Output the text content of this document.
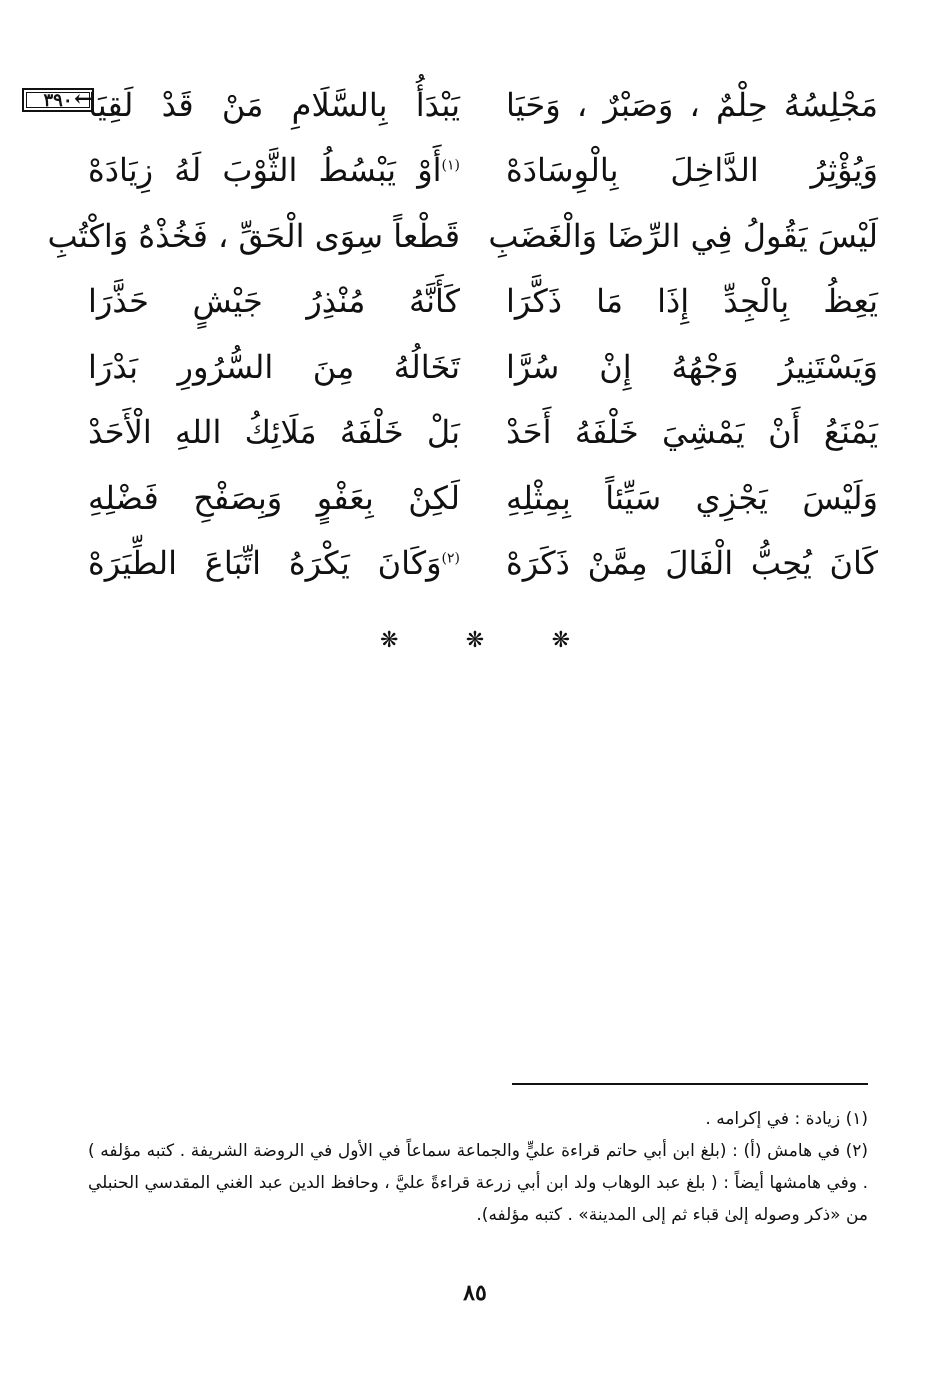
←
٣٩٠	مَجْلِسُهُ حِلْمٌ ، وَصَبْرٌ ، وَحَيَا
يَبْدَأُ بِالسَّلَامِ مَنْ قَدْ لَقِيَا
وَيُؤْثِرُ الدَّاخِلَ بِالْوِسَادَهْ
$^{(١)}$أَوْ يَبْسُطُ الثَّوْبَ لَهُ زِيَادَهْ
لَيْسَ يَقُولُ فِي الرِّضَا وَالْغَضَبِ
قَطْعاً سِوَى الْحَقِّ ، فَخُذْهُ وَاكْتُبِ
يَعِظُ بِالْجِدِّ إِذَا مَا ذَكَّرَا
كَأَنَّهُ مُنْذِرُ جَيْشٍ حَذَّرَا
وَيَسْتَنِيرُ وَجْهُهُ إِنْ سُرَّا
تَخَالُهُ مِنَ السُّرُورِ بَدْرَا
يَمْنَعُ أَنْ يَمْشِيَ خَلْفَهُ أَحَدْ
بَلْ خَلْفَهُ مَلَائِكُ اللهِ الْأَحَدْ
وَلَيْسَ يَجْزِي سَيِّئاً بِمِثْلِهِ
لَكِنْ بِعَفْوٍ وَبِصَفْحِ فَضْلِهِ
كَانَ يُحِبُّ الْفَالَ مِمَّنْ ذَكَرَهْ
$^{(٢)}$وَكَانَ يَكْرَهُ اتِّبَاعَ الطِّيَرَهْ
❋	❋	❋

(١) زيادة : في إكرامه .

(٢) في هامش (أ) : (بلغ ابن أبي حاتم قراءة عليٍّ والجماعة سماعاً في الأول في الروضة الشريفة . كتبه مؤلفه ) . وفي هامشها أيضاً : ( بلغ عبد الوهاب ولد ابن أبي زرعة قراءةً عليَّ ، وحافظ الدين عبد الغني المقدسي الحنبلي من «ذكر وصوله إلىٰ قباء ثم إلى المدينة» . كتبه مؤلفه).

٨٥
